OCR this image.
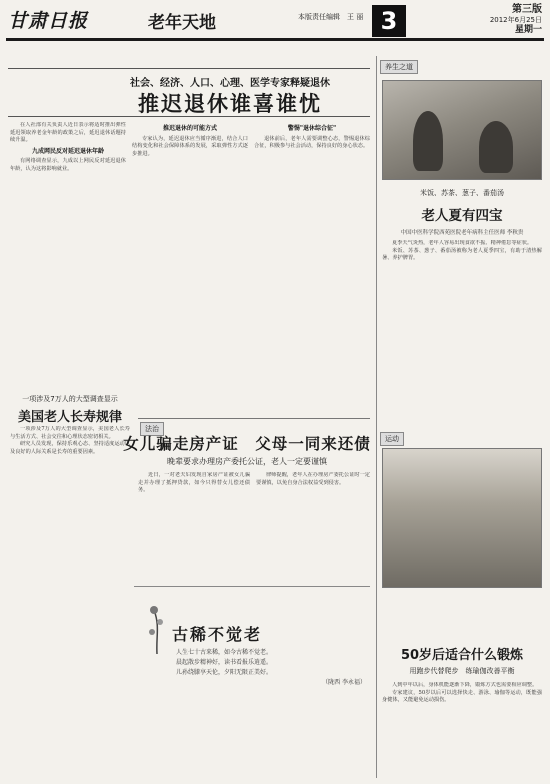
甘肃日报	老年天地	本版责任编辑　王 丽 3	第三版
2012年6月25日
星期一
社会、经济、人口、心理、医学专家释疑退休
推迟退休谁喜谁忧

在人社部有关负责人近日表示将适时推出弹性延迟领取养老金年龄的政策之后，延迟退休话题持续升温。

九成网民反对延迟退休年龄

有网络调查显示，九成以上网民反对延迟退休年龄，认为这将影响就业。

推迟退休的可能方式

专家认为，延迟退休应当循序渐进，结合人口结构变化和社会保障体系的发展，采取弹性方式逐步推进。

警惕"退休综合征"

退休前后，老年人需要调整心态，警惕退休综合征，积极参与社会活动，保持良好的身心状态。

一项涉及7万人的大型调查显示
美国老人长寿规律

一项涉及7万人的大型调查显示，美国老人长寿与生活方式、社会交往和心理状态密切相关。

研究人员发现，保持乐观心态、坚持适度运动以及良好的人际关系是长寿的重要因素。

法治
女儿骗走房产证　父母一同来还债
晚辈要求办理房产委托公证，老人一定要谨慎

近日，一对老夫妇发现自家房产证被女儿骗走并办理了抵押贷款，如今只得替女儿偿还债务。

律师提醒，老年人在办理房产委托公证时一定要谨慎，以免自身合法权益受到侵害。

古稀不觉老
人生七十古来稀，如今古稀不觉老。
晨起散步精神好，读书看报乐逍遥。
儿孙绕膝享天伦，夕阳无限正美好。
（陇西 李永福）
养生之道
米饭、苏茶、葱子、番茄汤
老人夏有四宝
中国中医科学院西苑医院老年病科主任医师 李秋贵

夏季天气炎热，老年人容易出现食欲不振、精神倦怠等症状。

米饭、苏茶、葱子、番茄汤被称为老人夏季四宝，有助于清热解暑、养护脾胃。

运动
50岁后适合什么锻炼
用跑步代替爬步　练瑜伽改善平衡

人到中年以后，身体机能逐渐下降，锻炼方式也需要相应调整。

专家建议，50岁以后可以选择快走、游泳、瑜伽等运动，既能强身健体，又能避免运动损伤。
